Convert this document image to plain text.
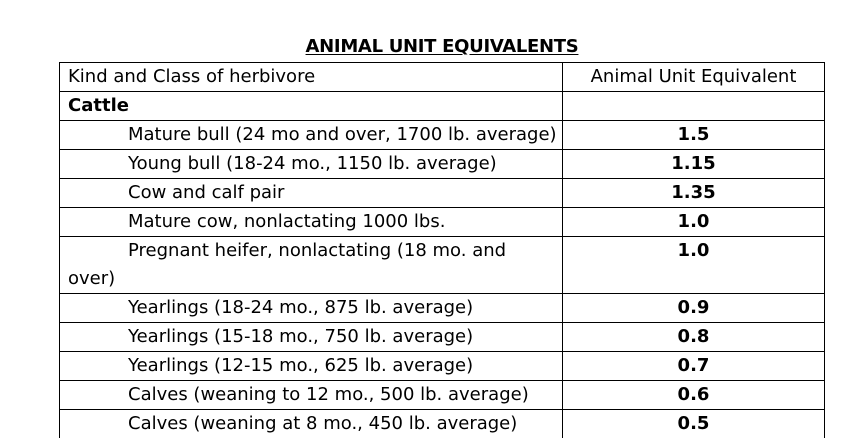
ANIMAL UNIT EQUIVALENTS
Kind and Class of herbivore	Animal Unit Equivalent
Cattle	
Mature bull (24 mo and over, 1700 lb. average)	1.5
Young bull (18-24 mo., 1150 lb. average)	1.15
Cow and calf pair	1.35
Mature cow, nonlactating 1000 lbs.	1.0
Pregnant heifer, nonlactating (18 mo. and
over)	1.0
Yearlings (18-24 mo., 875 lb. average)	0.9
Yearlings (15-18 mo., 750 lb. average)	0.8
Yearlings (12-15 mo., 625 lb. average)	0.7
Calves (weaning to 12 mo., 500 lb. average)	0.6
Calves (weaning at 8 mo., 450 lb. average)	0.5
